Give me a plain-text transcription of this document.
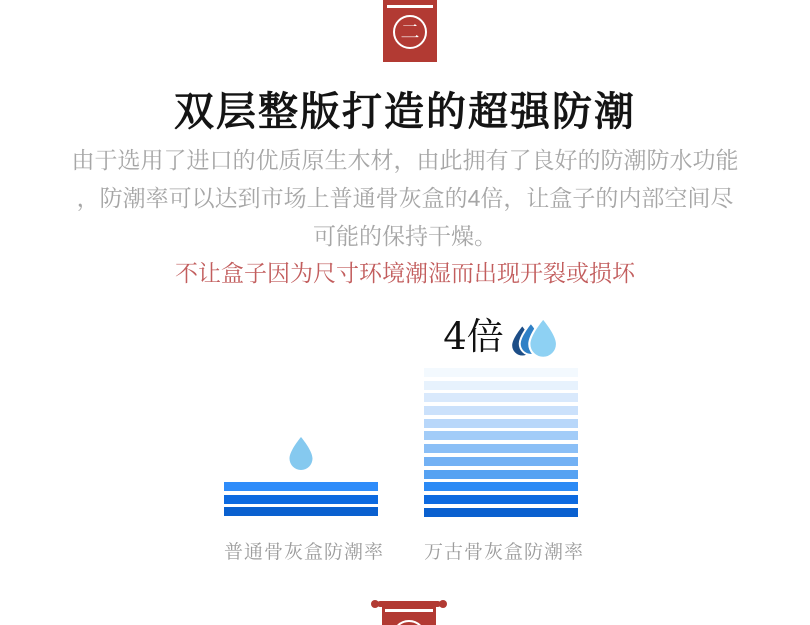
二
双层整版打造的超强防潮
由于选用了进口的优质原生木材，由此拥有了良好的防潮防水功能
，防潮率可以达到市场上普通骨灰盒的4倍，让盒子的内部空间尽
可能的保持干燥。
不让盒子因为尺寸环境潮湿而出现开裂或损坏
4倍
普通骨灰盒防潮率 万古骨灰盒防潮率
